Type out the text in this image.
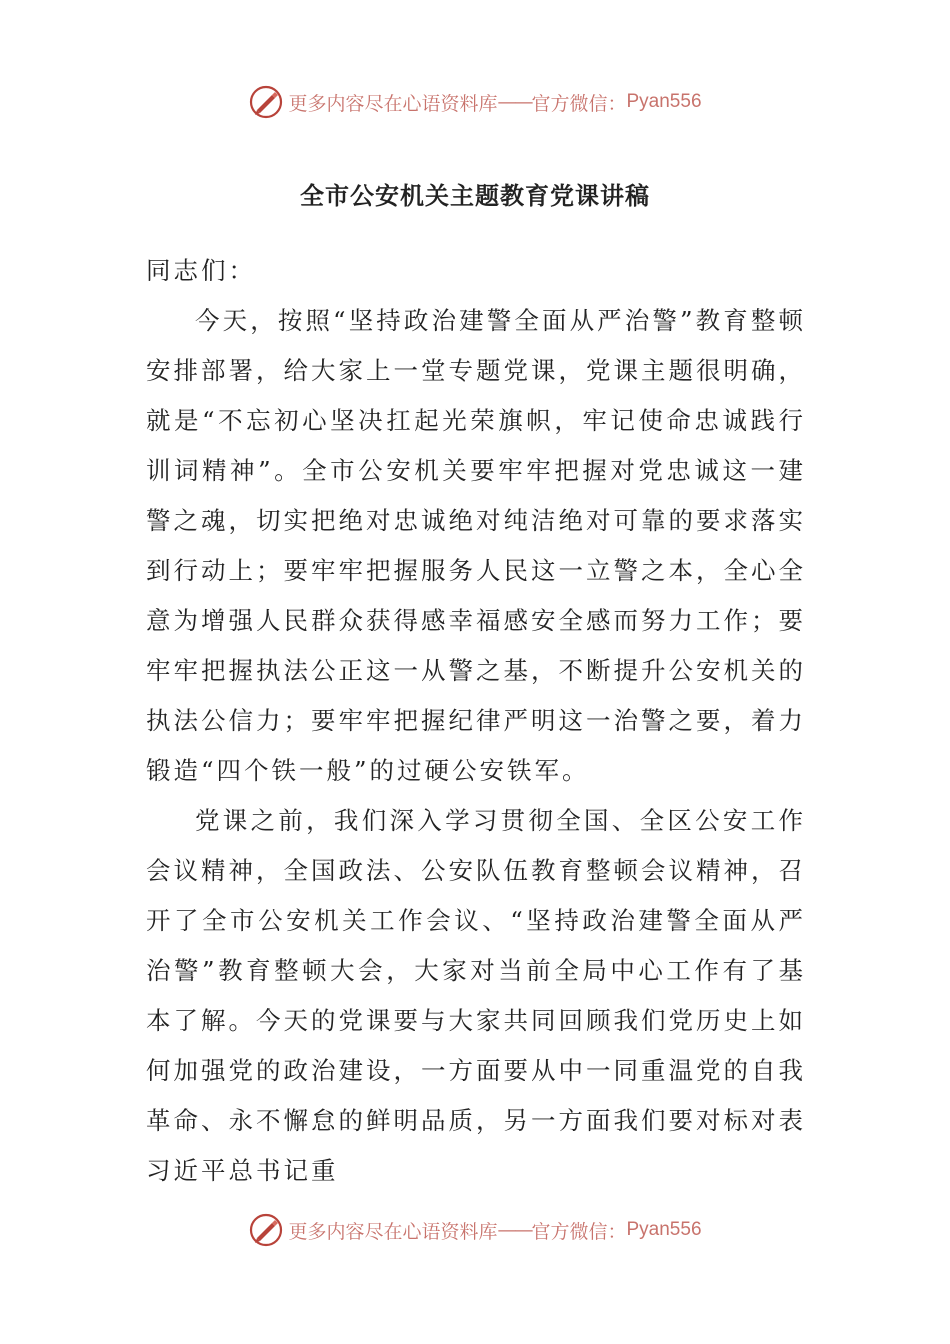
更多内容尽在心语资料库 —— 官方微信： Pyan556
全市公安机关主题教育党课讲稿

同志们：

今天，按照“坚持政治建警全面从严治警”教育整顿安排部署，给大家上一堂专题党课，党课主题很明确，就是“不忘初心坚决扛起光荣旗帜，牢记使命忠诚践行训词精神”。全市公安机关要牢牢把握对党忠诚这一建警之魂，切实把绝对忠诚绝对纯洁绝对可靠的要求落实到行动上；要牢牢把握服务人民这一立警之本，全心全意为增强人民群众获得感幸福感安全感而努力工作；要牢牢把握执法公正这一从警之基，不断提升公安机关的执法公信力；要牢牢把握纪律严明这一治警之要，着力锻造“四个铁一般”的过硬公安铁军。

党课之前，我们深入学习贯彻全国、全区公安工作会议精神，全国政法、公安队伍教育整顿会议精神，召开了全市公安机关工作会议、“坚持政治建警全面从严治警”教育整顿大会，大家对当前全局中心工作有了基本了解。今天的党课要与大家共同回顾我们党历史上如何加强党的政治建设，一方面要从中一同重温党的自我革命、永不懈怠的鲜明品质，另一方面我们要对标对表习近平总书记重

更多内容尽在心语资料库 —— 官方微信： Pyan556
